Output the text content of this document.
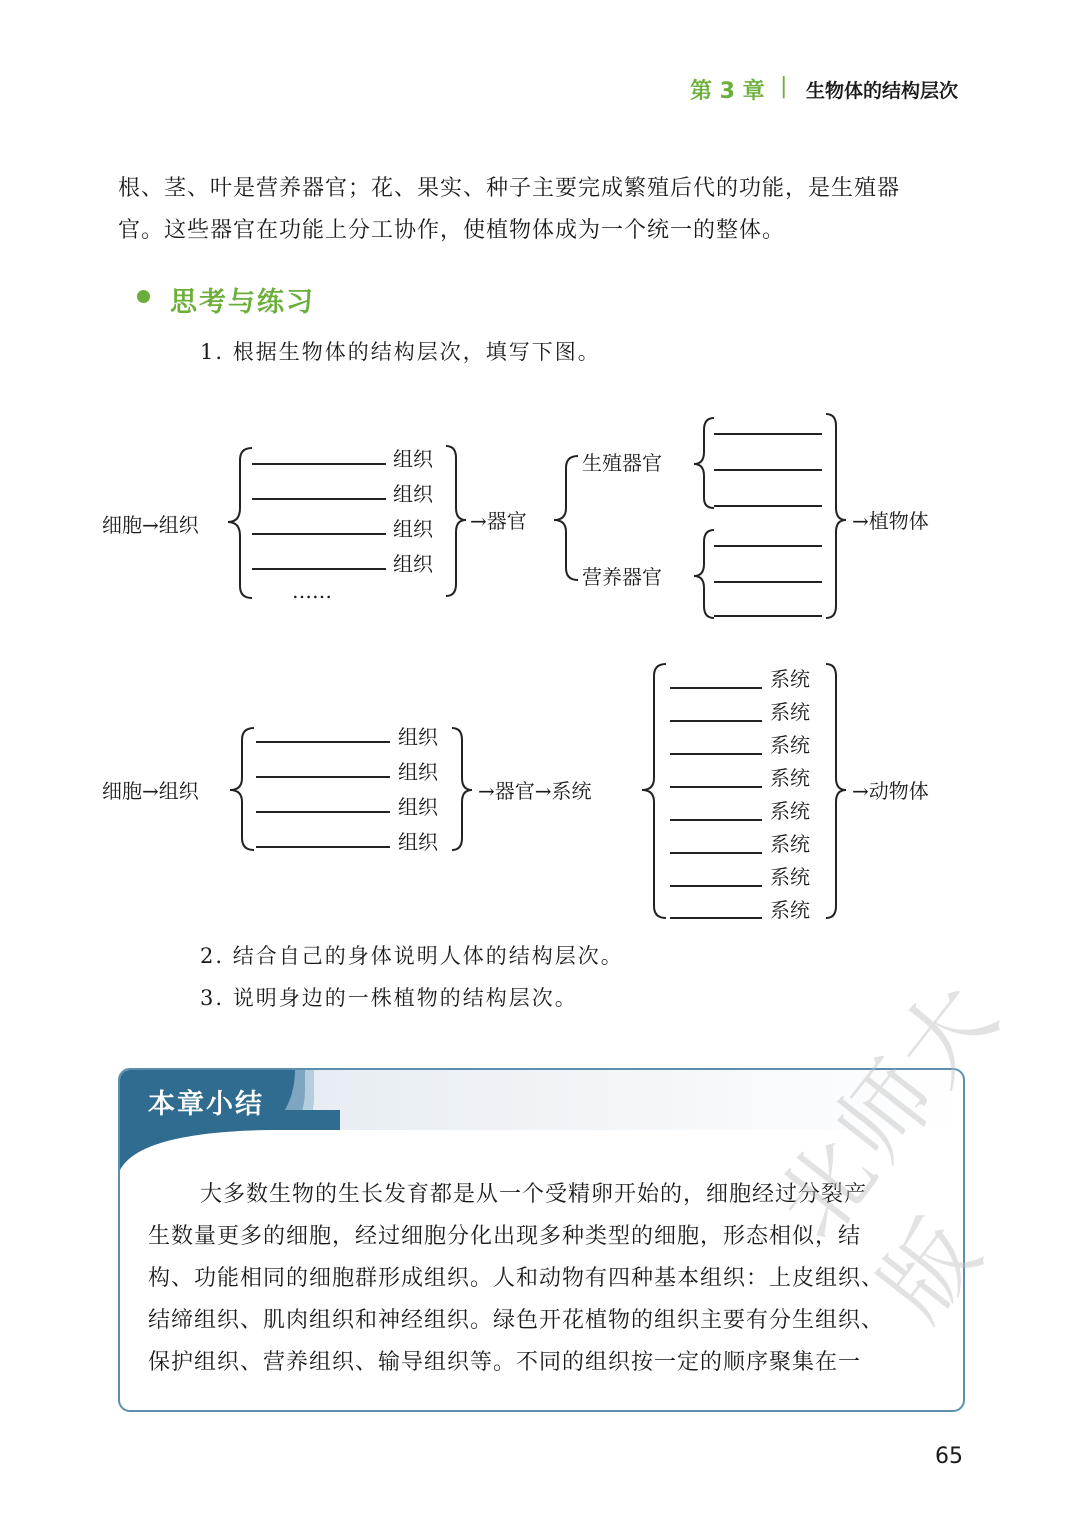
第 3 章 | 生物体的结构层次
根、茎、叶是营养器官；花、果实、种子主要完成繁殖后代的功能，是生殖器
官。这些器官在功能上分工协作，使植物体成为一个统一的整体。
思考与练习
1. 根据生物体的结构层次，填写下图。
细胞→组织
组织
组织
组织
组织
……
→器官
生殖器官
营养器官
→植物体
细胞→组织
组织
组织
组织
组织
→器官→系统
系统
系统
系统
系统
系统
系统
系统
系统
→动物体
2. 结合自己的身体说明人体的结构层次。
3. 说明身边的一株植物的结构层次。
本章小结

大多数生物的生长发育都是从一个受精卵开始的，细胞经过分裂产

生数量更多的细胞，经过细胞分化出现多种类型的细胞，形态相似，结

构、功能相同的细胞群形成组织。人和动物有四种基本组织：上皮组织、

结缔组织、肌肉组织和神经组织。绿色开花植物的组织主要有分生组织、

保护组织、营养组织、输导组织等。不同的组织按一定的顺序聚集在一

北师大版
65
